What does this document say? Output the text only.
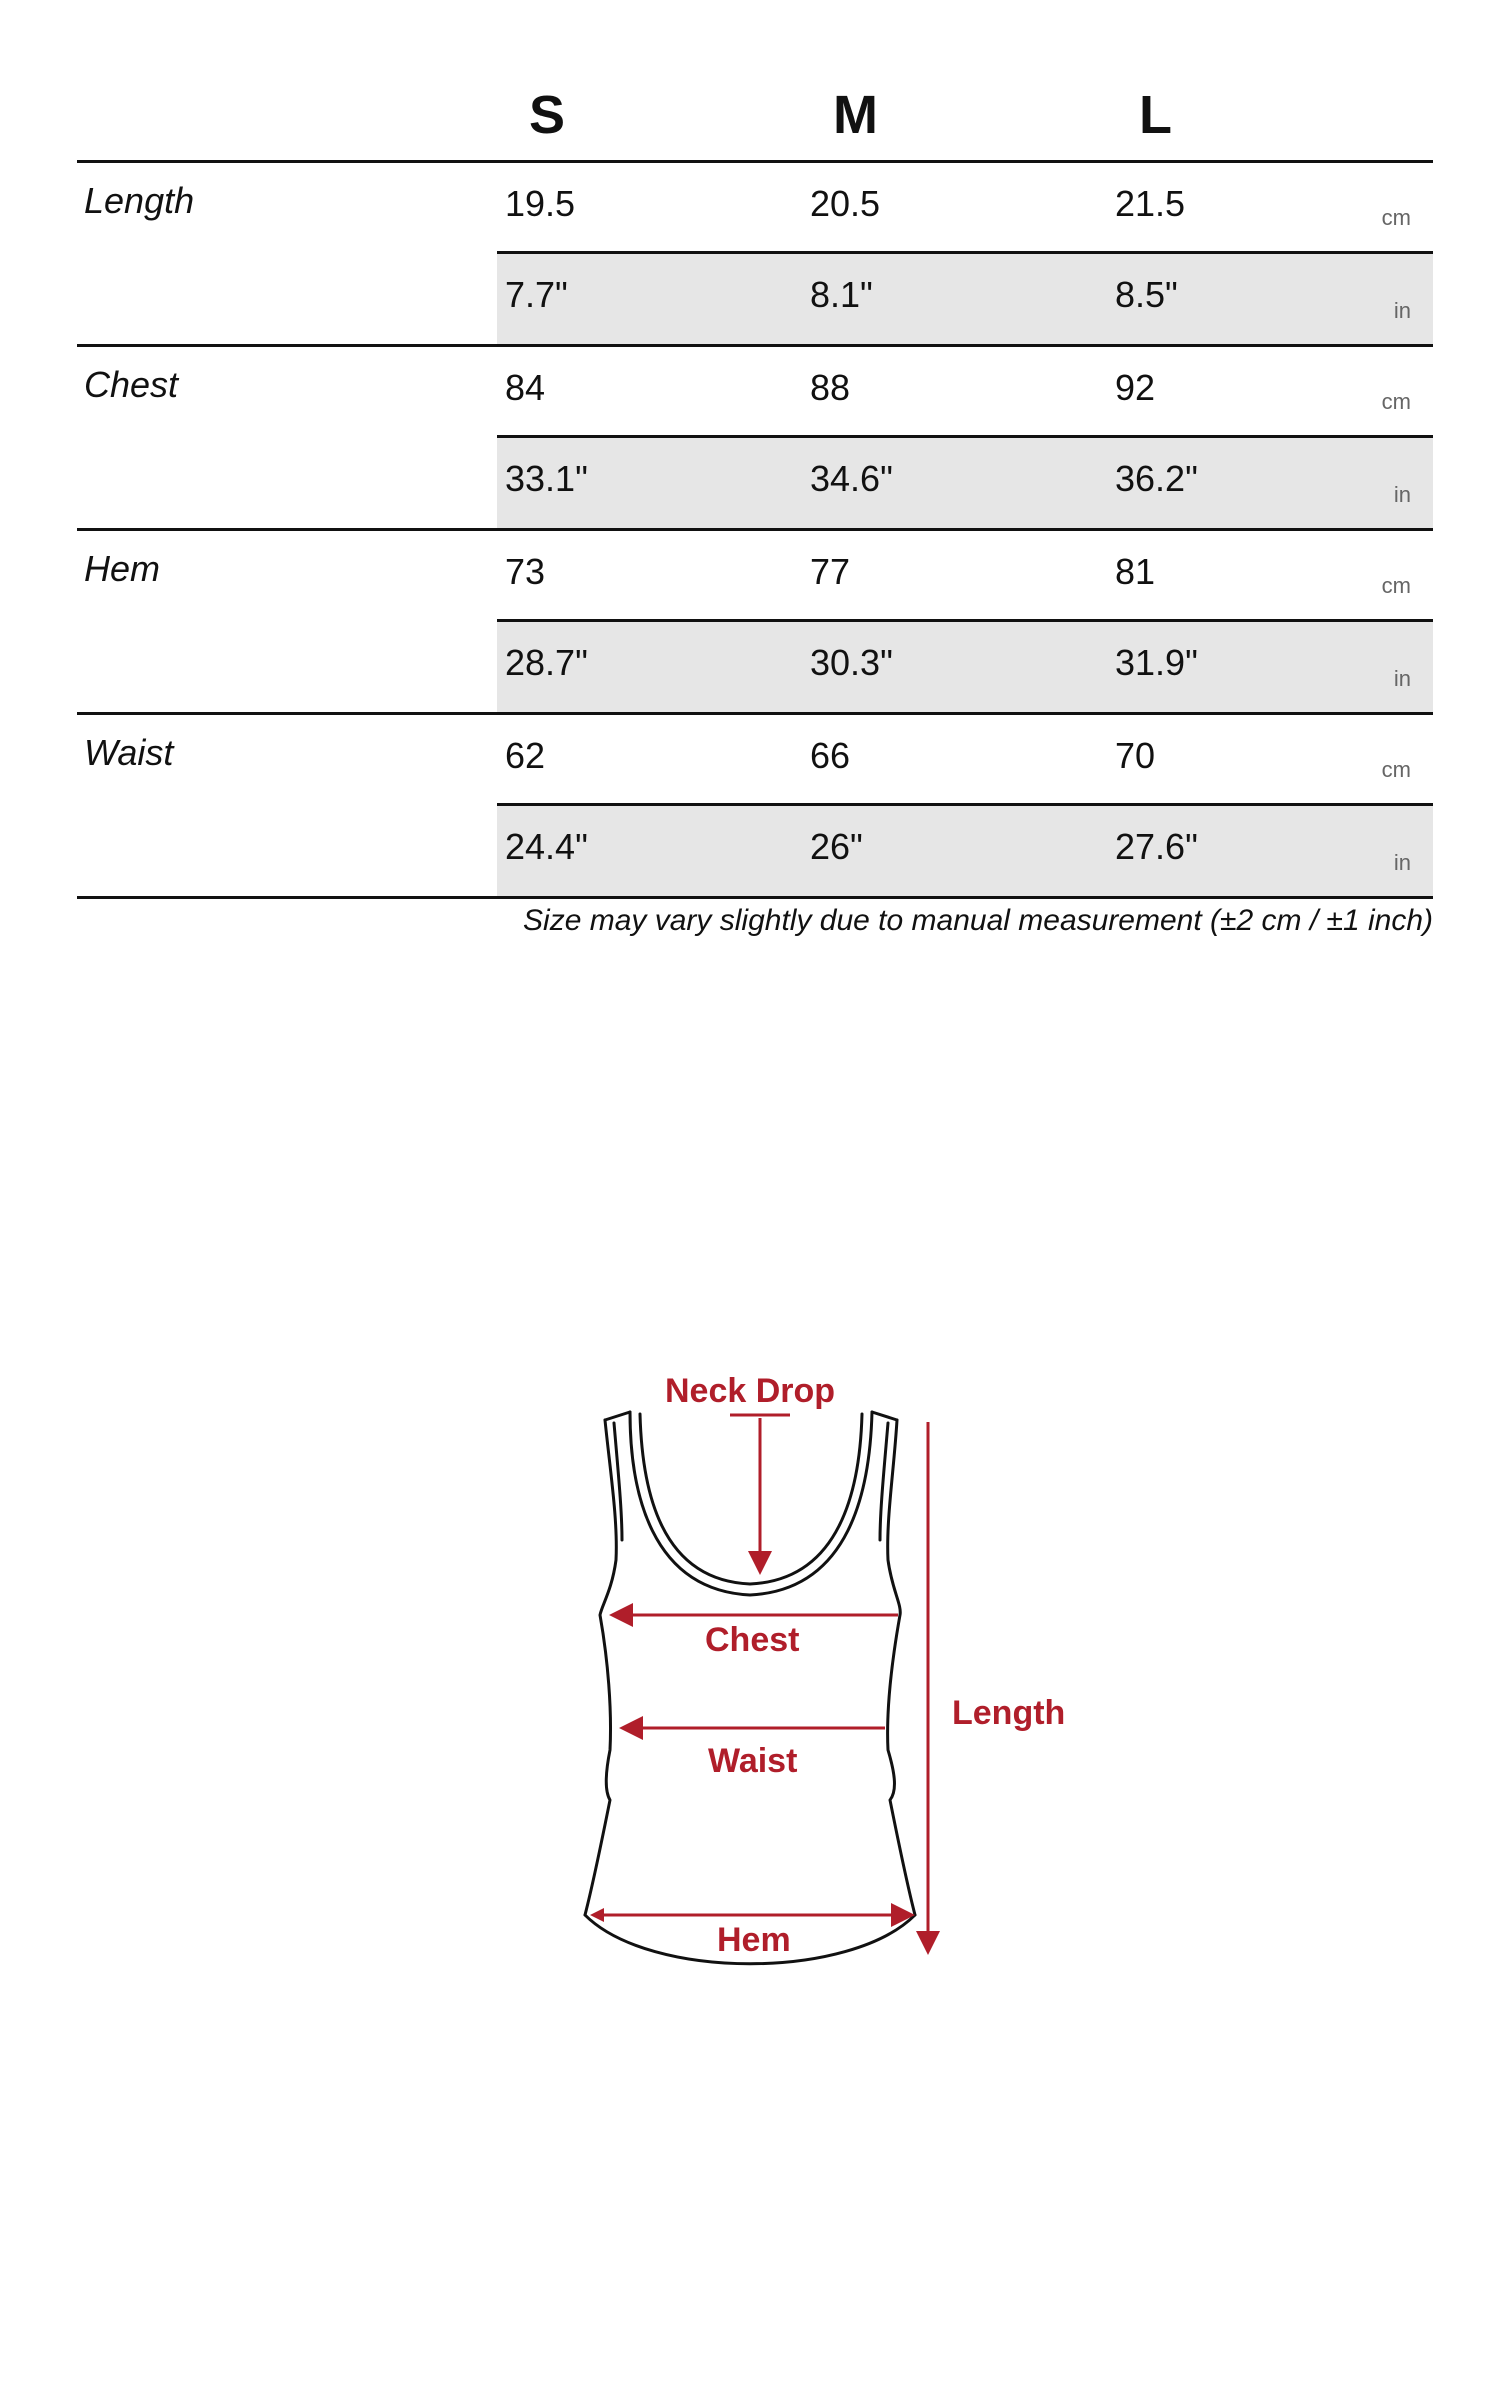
S	M	L
Length	19.5	20.5	21.5	cm
7.7"	8.1"	8.5"	in
Chest	84	88	92	cm
33.1"	34.6"	36.2"	in
Hem	73	77	81	cm
28.7"	30.3"	31.9"	in
Waist	62	66	70	cm
24.4"	26"	27.6"	in
Size may vary slightly due to manual measurement (±2 cm / ±1 inch)
Neck Drop
Chest
Waist
Hem
Length
